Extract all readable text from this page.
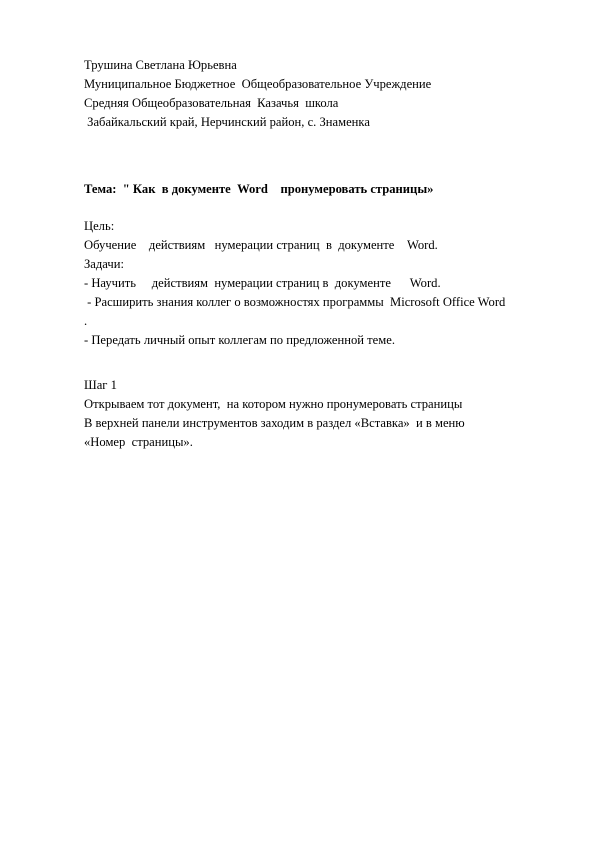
Трушина Светлана Юрьевна

Муниципальное Бюджетное  Общеобразовательное Учреждение

Средняя Общеобразовательная  Казачья  школа

Забайкальский край, Нерчинский район, с. Знаменка

Тема:  " Как  в документе  Word    пронумеровать страницы»

Цель:

Обучение    действиям   нумерации страниц  в  документе    Word.

Задачи:

- Научить     действиям  нумерации страниц в  документе      Word.

- Расширить знания коллег о возможностях программы  Microsoft Office Word

.

- Передать личный опыт коллегам по предложенной теме.

Шаг 1

Открываем тот документ,  на котором нужно пронумеровать страницы

В верхней панели инструментов заходим в раздел «Вставка»  и в меню

«Номер  страницы».
